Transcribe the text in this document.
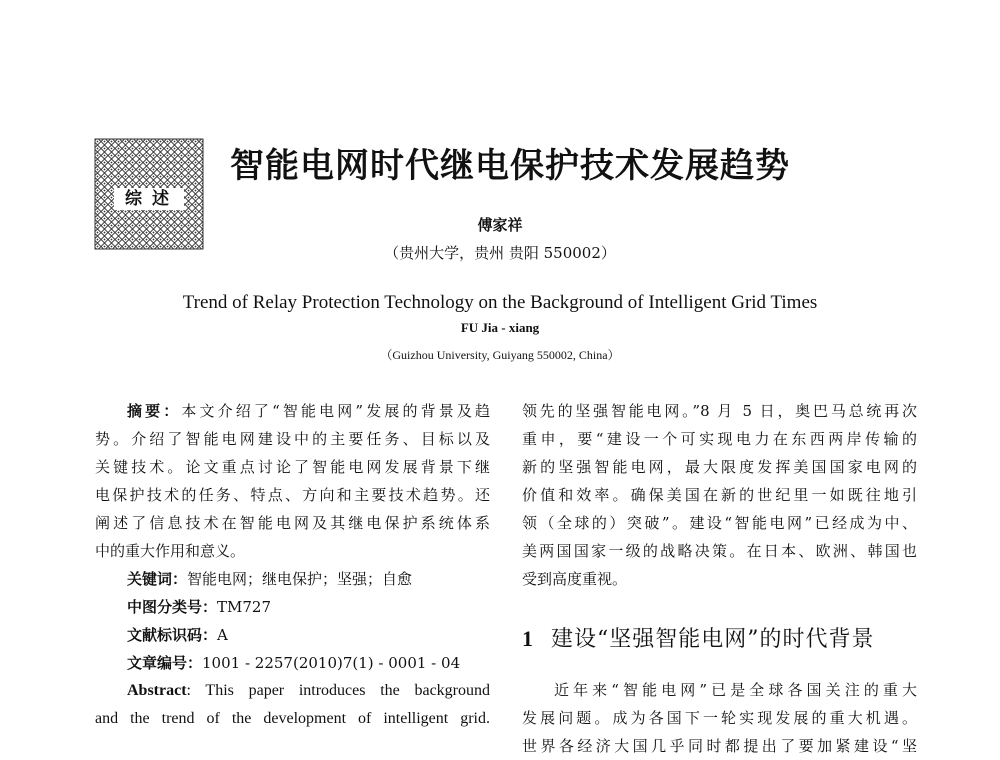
综述
智能电网时代继电保护技术发展趋势
傅家祥
（贵州大学，贵州 贵阳 550002）
Trend of Relay Protection Technology on the Background of Intelligent Grid Times
FU Jia - xiang
（Guizhou University, Guiyang 550002, China）
摘要：本文介绍了“智能电网”发展的背景及趋
势。介绍了智能电网建设中的主要任务、目标以及
关键技术。论文重点讨论了智能电网发展背景下继
电保护技术的任务、特点、方向和主要技术趋势。还
阐述了信息技术在智能电网及其继电保护系统体系
中的重大作用和意义。
关键词：智能电网；继电保护；坚强；自愈
中图分类号：TM727
文献标识码：A
文章编号：1001 - 2257(2010)7(1) - 0001 - 04
Abstract: This paper introduces the background
and the trend of the development of intelligent grid.
领先的坚强智能电网。”8 月 5 日，奥巴马总统再次
重申，要“建设一个可实现电力在东西两岸传输的
新的坚强智能电网，最大限度发挥美国国家电网的
价值和效率。确保美国在新的世纪里一如既往地引
领（全球的）突破”。建设“智能电网”已经成为中、
美两国国家一级的战略决策。在日本、欧洲、韩国也
受到高度重视。
1 建设“坚强智能电网”的时代背景
近年来“智能电网”已是全球各国关注的重大
发展问题。成为各国下一轮实现发展的重大机遇。
世界各经济大国几乎同时都提出了要加紧建设“坚
